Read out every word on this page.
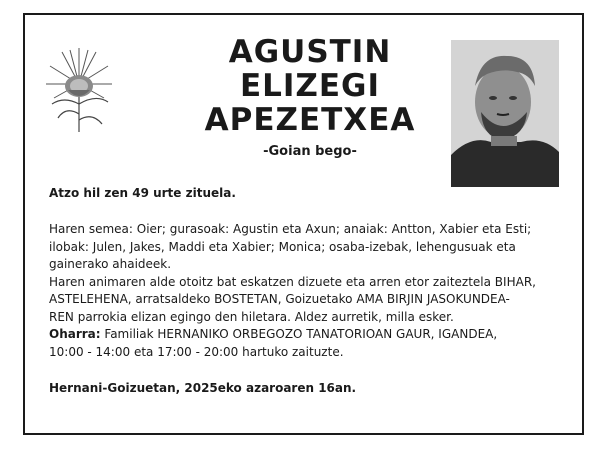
AGUSTIN
ELIZEGI
APEZETXEA
-Goian bego-
Atzo hil zen 49 urte zituela.
Haren semea: Oier; gurasoak: Agustin eta Axun; anaiak: Antton, Xabier eta Esti;
ilobak: Julen, Jakes, Maddi eta Xabier; Monica; osaba-izebak, lehengusuak eta
gainerako ahaideek.
Haren animaren alde otoitz bat eskatzen dizuete eta arren etor zaiteztela BIHAR,
ASTELEHENA, arratsaldeko BOSTETAN, Goizuetako AMA BIRJIN JASOKUNDEA-
REN parrokia elizan egingo den hiletara. Aldez aurretik, milla esker.
Oharra: Familiak HERNANIKO ORBEGOZO TANATORIOAN GAUR, IGANDEA,
10:00 - 14:00 eta 17:00 - 20:00 hartuko zaituzte.
Hernani-Goizuetan, 2025eko azaroaren 16an.
